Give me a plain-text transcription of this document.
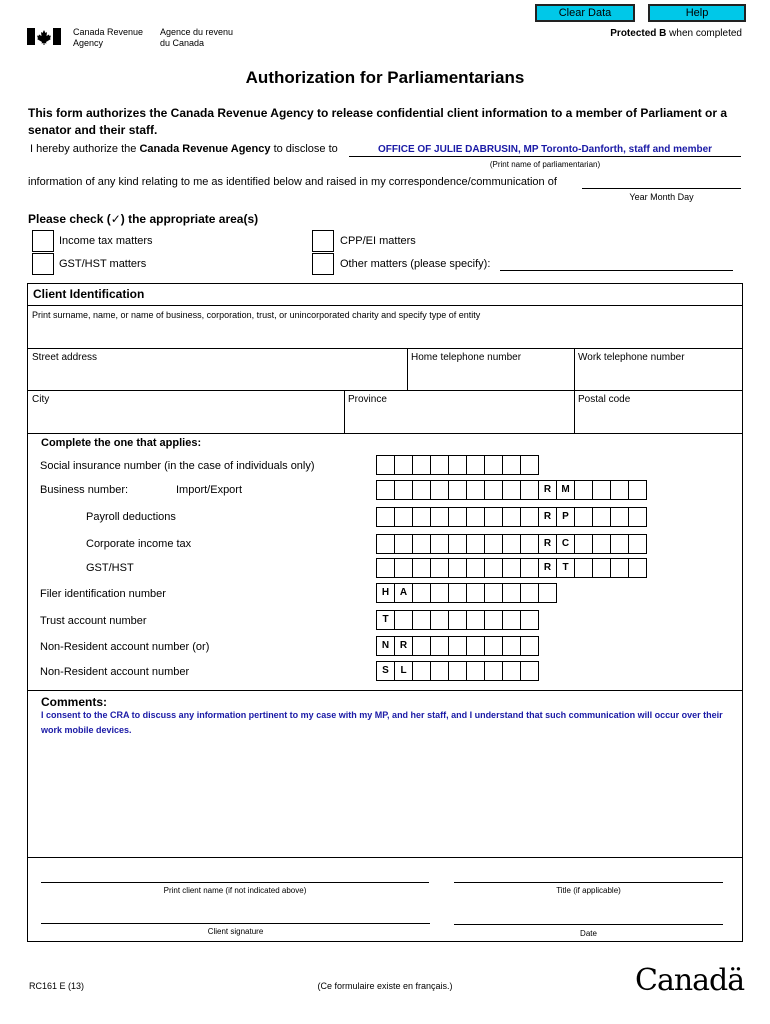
Clear Data	Help
Canada Revenue
Agency
Agence du revenu
du Canada
Protected B when completed
Authorization for Parliamentarians
This form authorizes the Canada Revenue Agency to release confidential client information to a member of Parliament or a senator and their staff.
I hereby authorize the Canada Revenue Agency to disclose to	OFFICE OF JULIE DABRUSIN, MP Toronto-Danforth, staff and member
(Print name of parliamentarian)
information of any kind relating to me as identified below and raised in my correspondence/communication of
Year Month Day
Please check (✓) the appropriate area(s)
Income tax matters
GST/HST matters
CPP/EI matters
Other matters (please specify):
Client Identification
Print surname, name, or name of business, corporation, trust, or unincorporated charity and specify type of entity
Street address	Home telephone number	Work telephone number
City	Province	Postal code
Complete the one that applies:
Social insurance number (in the case of individuals only)
Business number:	Import/Export	R	M
Payroll deductions	R	P
Corporate income tax	R	C
GST/HST	R	T
Filer identification number	H	A
Trust account number	T
Non-Resident account number (or)	N	R
Non-Resident account number	S	L
Comments:
I consent to the CRA to discuss any information pertinent to my case with my MP, and her staff, and I understand that such communication will occur over their work mobile devices.
Print client name (if not indicated above)	Title (if applicable)
Client signature	Date
RC161 E (13)	(Ce formulaire existe en français.)	Canadä
